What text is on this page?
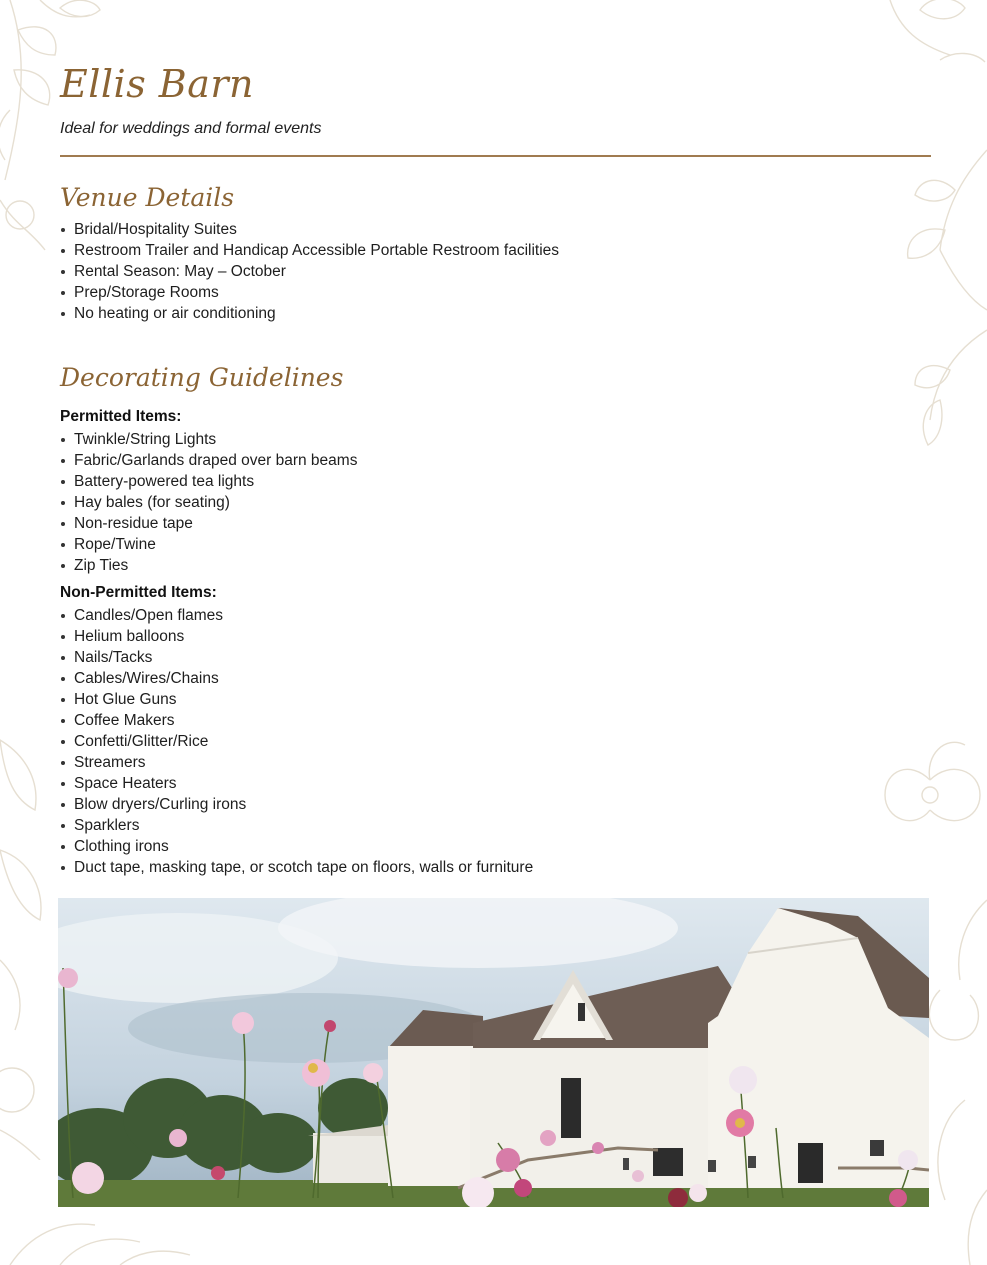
Ellis Barn
Ideal for weddings and formal events
Venue Details
Bridal/Hospitality Suites
Restroom Trailer and Handicap Accessible Portable Restroom facilities
Rental Season: May – October
Prep/Storage Rooms
No heating or air conditioning
Decorating Guidelines
Permitted Items:
Twinkle/String Lights
Fabric/Garlands draped over barn beams
Battery-powered tea lights
Hay bales (for seating)
Non-residue tape
Rope/Twine
Zip Ties
Non-Permitted Items:
Candles/Open flames
Helium balloons
Nails/Tacks
Cables/Wires/Chains
Hot Glue Guns
Coffee Makers
Confetti/Glitter/Rice
Streamers
Space Heaters
Blow dryers/Curling irons
Sparklers
Clothing irons
Duct tape, masking tape, or scotch tape on floors, walls or furniture
